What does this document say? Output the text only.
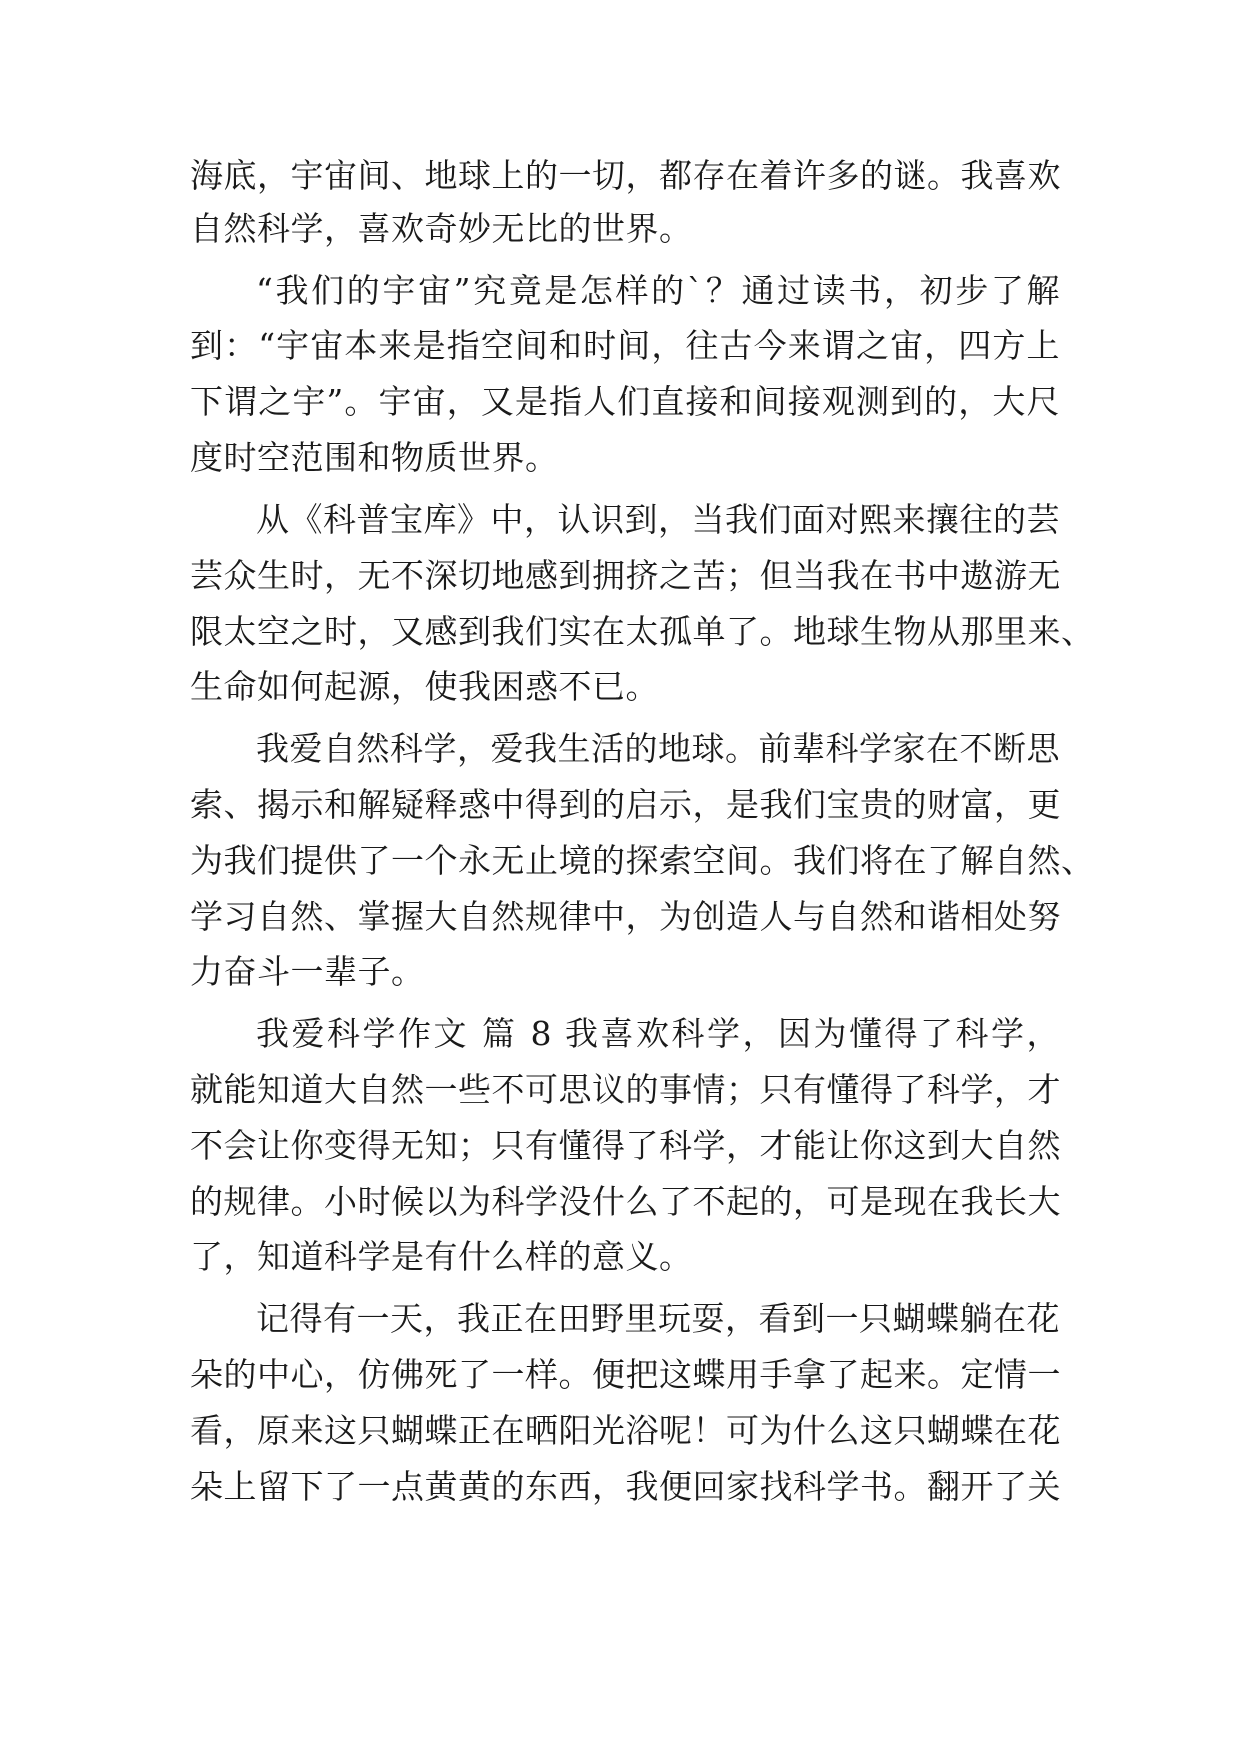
海底，宇宙间、地球上的一切，都存在着许多的谜。我喜欢
自然科学，喜欢奇妙无比的世界。
“我们的宇宙”究竟是怎样的`？通过读书，初步了解
到：“宇宙本来是指空间和时间，往古今来谓之宙，四方上
下谓之宇”。宇宙，又是指人们直接和间接观测到的，大尺
度时空范围和物质世界。
从《科普宝库》中，认识到，当我们面对熙来攘往的芸
芸众生时，无不深切地感到拥挤之苦；但当我在书中遨游无
限太空之时，又感到我们实在太孤单了。地球生物从那里来、
生命如何起源，使我困惑不已。
我爱自然科学，爱我生活的地球。前辈科学家在不断思
索、揭示和解疑释惑中得到的启示，是我们宝贵的财富，更
为我们提供了一个永无止境的探索空间。我们将在了解自然、
学习自然、掌握大自然规律中，为创造人与自然和谐相处努
力奋斗一辈子。
我爱科学作文 篇 8 我喜欢科学，因为懂得了科学，
就能知道大自然一些不可思议的事情；只有懂得了科学，才
不会让你变得无知；只有懂得了科学，才能让你这到大自然
的规律。小时候以为科学没什么了不起的，可是现在我长大
了，知道科学是有什么样的意义。
记得有一天，我正在田野里玩耍，看到一只蝴蝶躺在花
朵的中心，仿佛死了一样。便把这蝶用手拿了起来。定情一
看，原来这只蝴蝶正在晒阳光浴呢！可为什么这只蝴蝶在花
朵上留下了一点黄黄的东西，我便回家找科学书。翻开了关
